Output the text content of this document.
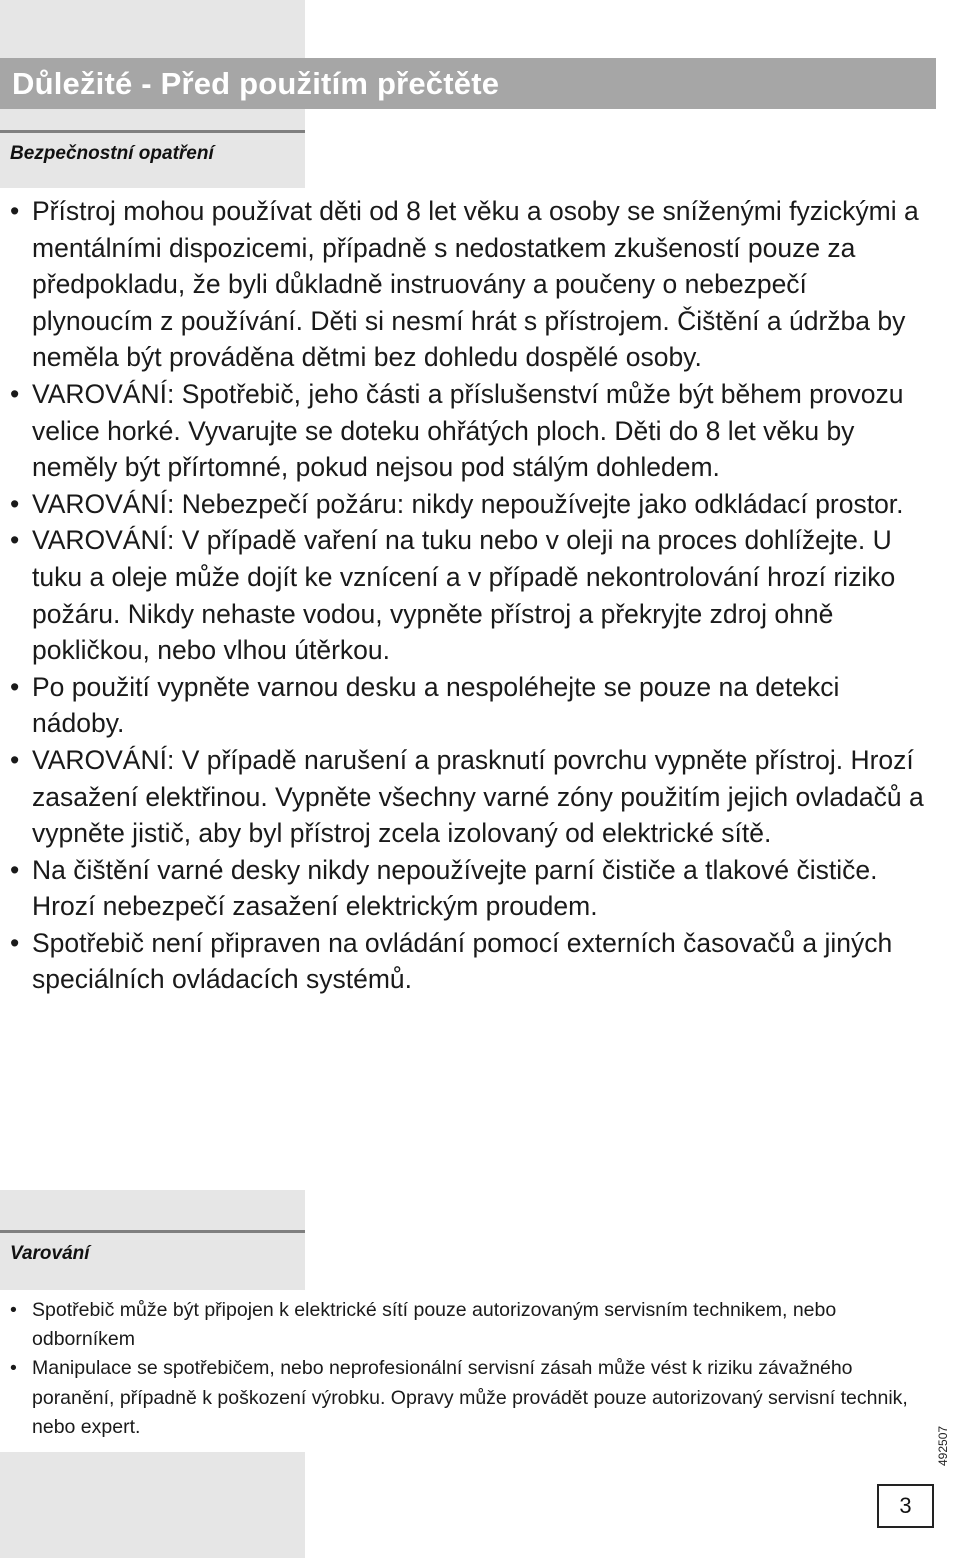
Důležité - Před použitím přečtěte
Bezpečnostní opatření
• Přístroj mohou používat děti od 8 let věku a osoby se sníženými fyzickými a mentálními dispozicemi, případně s nedostatkem zkušeností pouze za předpokladu, že byli důkladně instruovány a poučeny o nebezpečí plynoucím z používání. Děti si nesmí hrát s přístrojem. Čištění a údržba by neměla být prováděna dětmi bez dohledu dospělé osoby.
• VAROVÁNÍ: Spotřebič, jeho části a příslušenství může být během provozu velice horké. Vyvarujte se doteku ohřátých ploch. Děti do 8 let věku by neměly být přírtomné, pokud nejsou pod stálým dohledem.
• VAROVÁNÍ: Nebezpečí požáru: nikdy nepoužívejte jako odkládací prostor.
• VAROVÁNÍ: V případě vaření na tuku nebo v oleji na proces dohlížejte. U tuku a oleje může dojít ke vznícení a v případě nekontrolování hrozí riziko požáru. Nikdy nehaste vodou, vypněte přístroj a překryjte zdroj ohně pokličkou, nebo vlhou útěrkou.
• Po použití vypněte varnou desku a nespoléhejte se pouze na detekci nádoby.
• VAROVÁNÍ: V případě narušení a prasknutí povrchu vypněte přístroj. Hrozí zasažení elektřinou. Vypněte všechny varné zóny použitím jejich ovladačů a vypněte jistič, aby byl přístroj zcela izolovaný od elektrické sítě.
• Na čištění varné desky nikdy nepoužívejte parní čističe a tlakové čističe. Hrozí nebezpečí zasažení elektrickým proudem.
• Spotřebič není připraven na ovládání pomocí externích časovačů a jiných speciálních ovládacích systémů.
Varování
• Spotřebič může být připojen k elektrické sítí pouze autorizovaným servisním technikem, nebo odborníkem
• Manipulace se spotřebičem, nebo neprofesionální servisní zásah může vést k riziku závažného poranění, případně k poškození výrobku. Opravy může provádět pouze autorizovaný servisní technik, nebo expert.	492507
3
